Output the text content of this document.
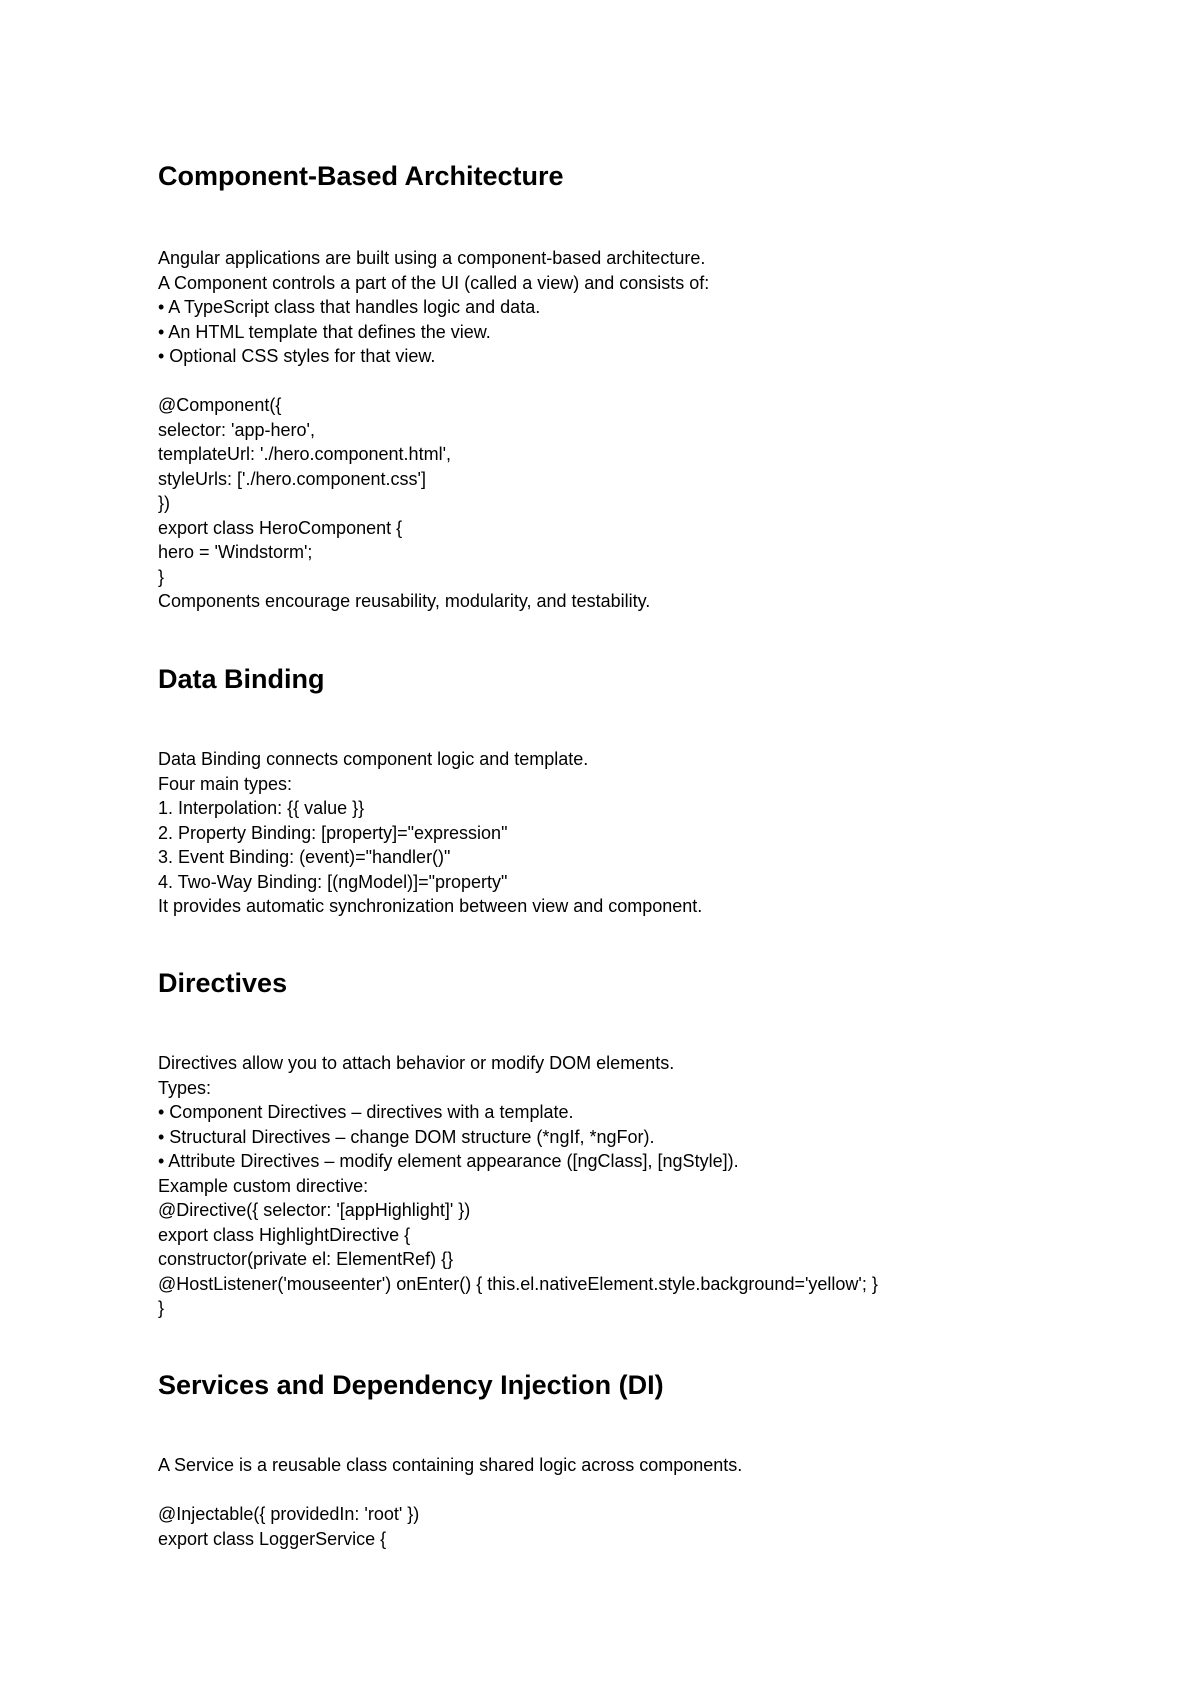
Component-Based Architecture
Angular applications are built using a component-based architecture.
A Component controls a part of the UI (called a view) and consists of:
• A TypeScript class that handles logic and data.
• An HTML template that defines the view.
• Optional CSS styles for that view.
@Component({
selector: 'app-hero',
templateUrl: './hero.component.html',
styleUrls: ['./hero.component.css']
})
export class HeroComponent {
hero = 'Windstorm';
}
Components encourage reusability, modularity, and testability.
Data Binding
Data Binding connects component logic and template.
Four main types:
1. Interpolation: {{ value }}
2. Property Binding: [property]="expression"
3. Event Binding: (event)="handler()"
4. Two-Way Binding: [(ngModel)]="property"
It provides automatic synchronization between view and component.
Directives
Directives allow you to attach behavior or modify DOM elements.
Types:
• Component Directives – directives with a template.
• Structural Directives – change DOM structure (*ngIf, *ngFor).
• Attribute Directives – modify element appearance ([ngClass], [ngStyle]).
Example custom directive:
@Directive({ selector: '[appHighlight]' })
export class HighlightDirective {
constructor(private el: ElementRef) {}
@HostListener('mouseenter') onEnter() { this.el.nativeElement.style.background='yellow'; }
}
Services and Dependency Injection (DI)
A Service is a reusable class containing shared logic across components.
@Injectable({ providedIn: 'root' })
export class LoggerService {
